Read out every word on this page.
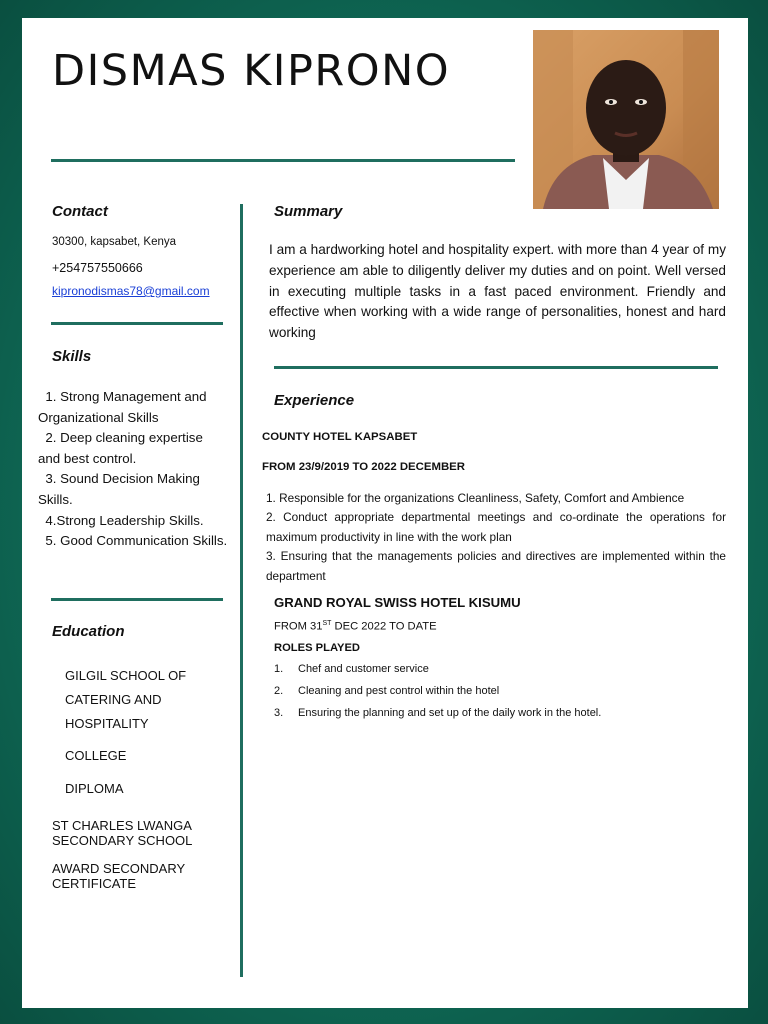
DISMAS KIPRONO
Contact
30300, kapsabet, Kenya
+254757550666
kipronodismas78@gmail.com
Skills
1. Strong Management and Organizational Skills
2. Deep cleaning expertise and best control.
3. Sound Decision Making Skills.
4.Strong Leadership Skills.
5. Good Communication Skills.
Education
GILGIL SCHOOL OF
CATERING AND
HOSPITALITY
COLLEGE
DIPLOMA
ST CHARLES LWANGA
SECONDARY SCHOOL
AWARD SECONDARY
CERTIFICATE
Summary

I am a hardworking hotel and hospitality expert. with more than 4 year of my experience am able to diligently deliver my duties and on point. Well versed in executing multiple tasks in a fast paced environment. Friendly and effective when working with a wide range of personalities, honest and hard working

Experience
COUNTY HOTEL KAPSABET
FROM 23/9/2019 TO 2022 DECEMBER
1. Responsible for the organizations Cleanliness, Safety, Comfort and Ambience
2. Conduct appropriate departmental meetings and co-ordinate the operations for maximum productivity in line with the work plan
3. Ensuring that the managements policies and directives are implemented within the department
GRAND ROYAL SWISS HOTEL KISUMU
FROM 31ST DEC 2022 TO DATE
ROLES PLAYED
1. Chef and customer service
2. Cleaning and pest control within the hotel
3. Ensuring the planning and set up of the daily work in the hotel.
